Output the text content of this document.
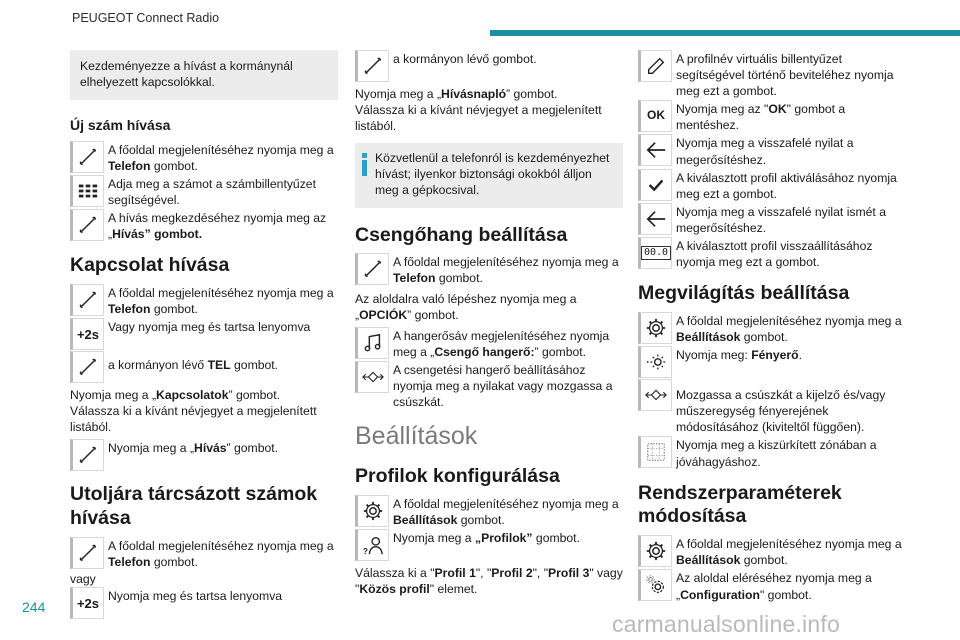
PEUGEOT Connect Radio
Kezdeményezze a hívást a kormánynál elhelyezett kapcsolókkal.
Új szám hívása
A főoldal megjelenítéséhez nyomja meg a Telefon gombot.
Adja meg a számot a számbillentyűzet segítségével.
A hívás megkezdéséhez nyomja meg az „Hívás” gombot.
Kapcsolat hívása
A főoldal megjelenítéséhez nyomja meg a Telefon gombot.
+2s Vagy nyomja meg és tartsa lenyomva
a kormányon lévő TEL gombot.
Nyomja meg a „Kapcsolatok” gombot.
Válassza ki a kívánt névjegyet a megjelenített listából.
Nyomja meg a „Hívás” gombot.
Utoljára tárcsázott számok hívása
A főoldal megjelenítéséhez nyomja meg a Telefon gombot.
vagy
+2s Nyomja meg és tartsa lenyomva
a kormányon lévő gombot.
Nyomja meg a „Hívásnapló” gombot.
Válassza ki a kívánt névjegyet a megjelenített listából.
Közvetlenül a telefonról is kezdeményezhet hívást; ilyenkor biztonsági okokból álljon meg a gépkocsival.
Csengőhang beállítása
A főoldal megjelenítéséhez nyomja meg a Telefon gombot.
Az aloldalra való lépéshez nyomja meg a „OPCIÓK” gombot.
A hangerősáv megjelenítéséhez nyomja meg a „Csengő hangerő:” gombot.
A csengetési hangerő beállításához nyomja meg a nyilakat vagy mozgassa a csúszkát.
Beállítások
Profilok konfigurálása
A főoldal megjelenítéséhez nyomja meg a Beállítások gombot.
?
Nyomja meg a „Profilok” gombot.
Válassza ki a "Profil 1", "Profil 2", "Profil 3" vagy "Közös profil" elemet.
A profilnév virtuális billentyűzet segítségével történő beviteléhez nyomja meg ezt a gombot.
OK Nyomja meg az "OK" gombot a mentéshez.
Nyomja meg a visszafelé nyilat a megerősítéshez.
A kiválasztott profil aktiválásához nyomja meg ezt a gombot.
Nyomja meg a visszafelé nyilat ismét a megerősítéshez.
00.0 A kiválasztott profil visszaállításához nyomja meg ezt a gombot.
Megvilágítás beállítása
A főoldal megjelenítéséhez nyomja meg a Beállítások gombot.
Nyomja meg: Fényerő.
Mozgassa a csúszkát a kijelző és/vagy műszeregység fényerejének módosításához (kiviteltől függően).
Nyomja meg a kiszürkített zónában a jóváhagyáshoz.
Rendszerparaméterek módosítása
A főoldal megjelenítéséhez nyomja meg a Beállítások gombot.
Az aloldal eléréséhez nyomja meg a „Configuration" gombot.
244
carmanualsonline.info
